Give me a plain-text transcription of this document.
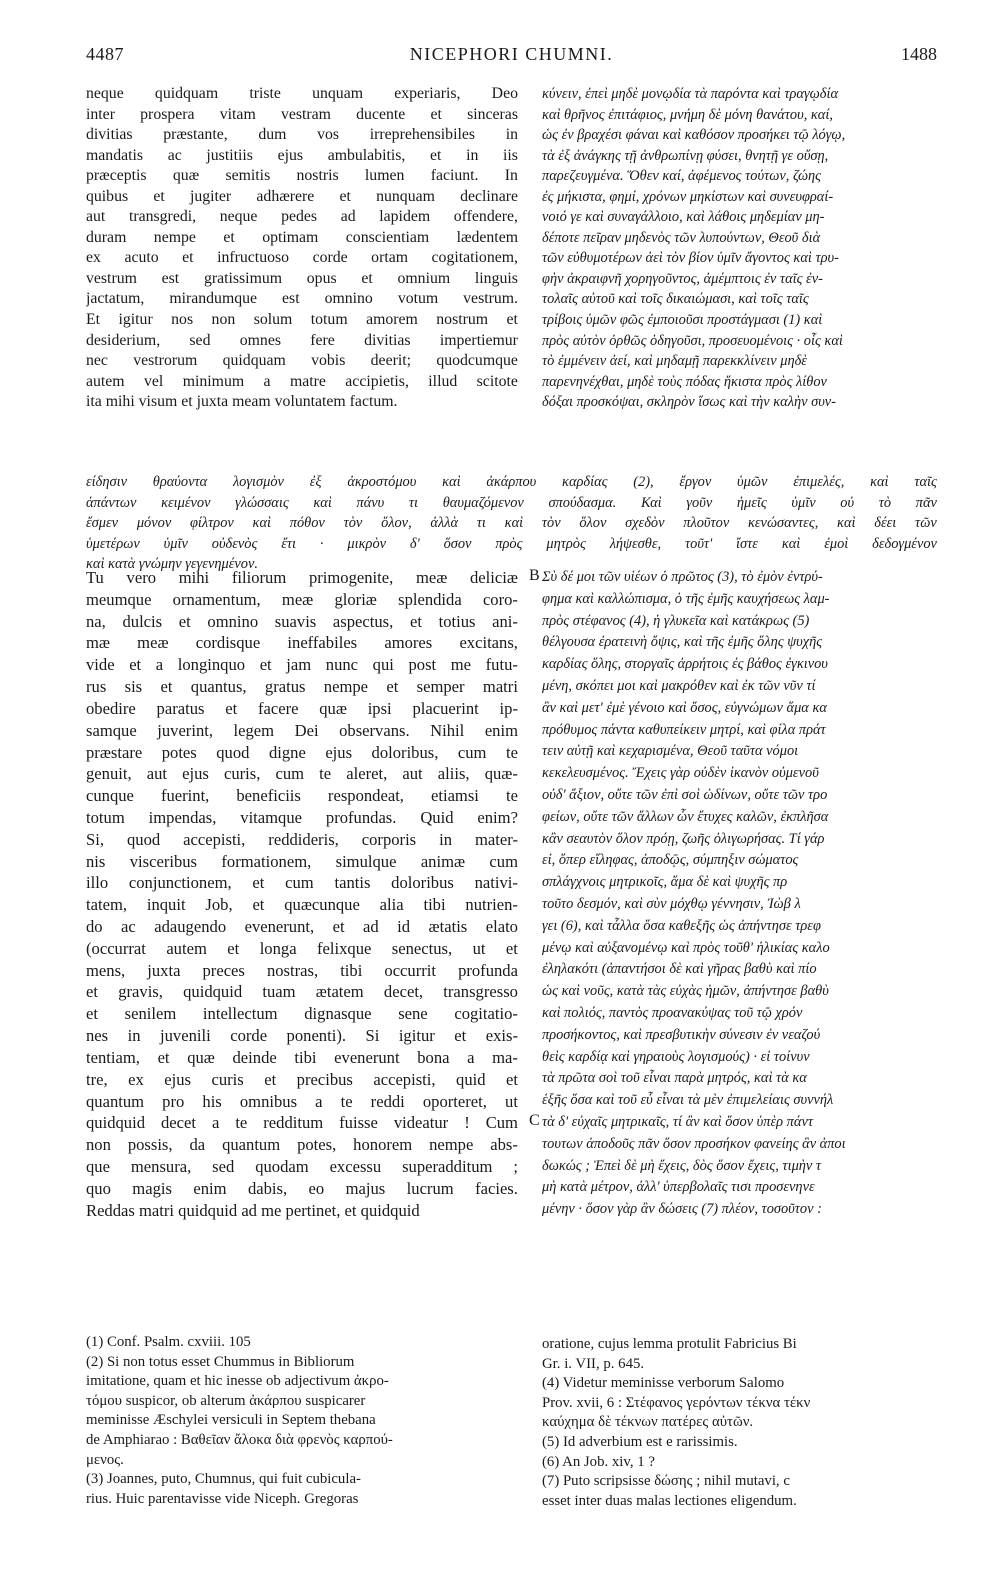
4487	NICEPHORI CHUMNI.	1488
neque quidquam triste unquam experiaris, Deo
inter prospera vitam vestram ducente et sinceras
divitias præstante, dum vos irreprehensibiles in
mandatis ac justitiis ejus ambulabitis, et in iis
præceptis quæ semitis nostris lumen faciunt. In
quibus et jugiter adhærere et nunquam declinare
aut transgredi, neque pedes ad lapidem offendere,
duram nempe et optimam conscientiam lædentem
ex acuto et infructuoso corde ortam cogitationem,
vestrum est gratissimum opus et omnium linguis
jactatum, mirandumque est omnino votum vestrum.
Et igitur nos non solum totum amorem nostrum et
desiderium, sed omnes fere divitias impertiemur
nec vestrorum quidquam vobis deerit; quodcumque
autem vel minimum a matre accipietis, illud scitote
ita mihi visum et juxta meam voluntatem factum.
κύνειν, ἐπεὶ μηδὲ μονῳδία τὰ παρόντα καὶ τραγῳδία
καὶ θρῆνος ἐπιτάφιος, μνήμη δὲ μόνη θανάτου, καί,
ὡς ἐν βραχέσι φάναι καὶ καθόσον προσήκει τῷ λόγῳ,
τὰ ἐξ ἀνάγκης τῇ ἀνθρωπίνῃ φύσει, θνητῇ γε οὔσῃ,
παρεζευγμένα. Ὅθεν καί, ἀφέμενος τούτων, ζώης
ἐς μήκιστα, φημί, χρόνων μηκίστων καὶ συνευφραί-
νοιό γε καὶ συναγάλλοιο, καὶ λάθοις μηδεμίαν μη-
δέποτε πεῖραν μηδενὸς τῶν λυπούντων, Θεοῦ διὰ
τῶν εὐθυμοτέρων ἀεὶ τὸν βίον ὑμῖν ἄγοντος καὶ τρυ-
φὴν ἀκραιφνῆ χορηγοῦντος, ἀμέμπτοις ἐν ταῖς ἐν-
τολαῖς αὐτοῦ καὶ τοῖς δικαιώμασι, καὶ τοῖς ταῖς
τρίβοις ὑμῶν φῶς ἐμποιοῦσι προστάγμασι (1) καὶ
πρὸς αὐτὸν ὀρθῶς ὁδηγοῦσι, προσευομένοις · οἷς καὶ
τὸ ἐμμένειν ἀεί, καὶ μηδαμῇ παρεκκλίνειν μηδὲ
παρενηνέχθαι, μηδὲ τοὺς πόδας ἥκιστα πρὸς λίθον
δόξαι προσκόψαι, σκληρὸν ἴσως καὶ τὴν καλὴν συν-
είδησιν θραύοντα λογισμὸν ἐξ ἀκροστόμου καὶ ἀκάρπου καρδίας (2), ἔργον ὑμῶν ἐπιμελές, καὶ ταῖς
ἁπάντων κειμένον γλώσσαις καὶ πάνυ τι θαυμαζόμενον σπούδασμα. Καὶ γοῦν ἡμεῖς ὑμῖν οὐ τὸ πᾶν
ἔσμεν μόνον φίλτρον καὶ πόθον τὸν ὅλον, ἀλλὰ τι καὶ τὸν ὅλον σχεδὸν πλοῦτον κενώσαντες, καὶ δέει τῶν
ὑμετέρων ὑμῖν οὐδενὸς ἔτι · μικρὸν δ' ὅσον πρὸς μητρὸς λήψεσθε, τοῦτ' ἴστε καὶ ἐμοὶ δεδογμένον
καὶ κατὰ γνώμην γεγενημένον.
B
C
Tu vero mihi filiorum primogenite, meæ deliciæ
meumque ornamentum, meæ gloriæ splendida coro-
na, dulcis et omnino suavis aspectus, et totius ani-
mæ meæ cordisque ineffabiles amores excitans,
vide et a longinquo et jam nunc qui post me futu-
rus sis et quantus, gratus nempe et semper matri
obedire paratus et facere quæ ipsi placuerint ip-
samque juverint, legem Dei observans. Nihil enim
præstare potes quod digne ejus doloribus, cum te
genuit, aut ejus curis, cum te aleret, aut aliis, quæ-
cunque fuerint, beneficiis respondeat, etiamsi te
totum impendas, vitamque profundas. Quid enim?
Si, quod accepisti, reddideris, corporis in mater-
nis visceribus formationem, simulque animæ cum
illo conjunctionem, et cum tantis doloribus nativi-
tatem, inquit Job, et quæcunque alia tibi nutrien-
do ac adaugendo evenerunt, et ad id ætatis elato
(occurrat autem et longa felixque senectus, ut et
mens, juxta preces nostras, tibi occurrit profunda
et gravis, quidquid tuam ætatem decet, transgresso
et senilem intellectum dignasque sene cogitatio-
nes in juvenili corde ponenti). Si igitur et exis-
tentiam, et quæ deinde tibi evenerunt bona a ma-
tre, ex ejus curis et precibus accepisti, quid et
quantum pro his omnibus a te reddi oporteret, ut
quidquid decet a te redditum fuisse videatur ! Cum
non possis, da quantum potes, honorem nempe abs-
que mensura, sed quodam excessu superadditum ;
quo magis enim dabis, eo majus lucrum facies.
Reddas matri quidquid ad me pertinet, et quidquid
Σὺ δέ μοι τῶν υἱέων ὁ πρῶτος (3), τὸ ἐμὸν ἐντρύ-
φημα καὶ καλλώπισμα, ὁ τῆς ἐμῆς καυχήσεως λαμ-
πρὸς στέφανος (4), ἡ γλυκεῖα καὶ κατάκρως (5)
θέλγουσα ἐρατεινὴ ὄψις, καὶ τῆς ἐμῆς ὅλης ψυχῆς
καρδίας ὅλης, στοργαῖς ἀρρήτοις ἐς βάθος ἐγκινου
μένη, σκόπει μοι καὶ μακρόθεν καὶ ἐκ τῶν νῦν τί
ἂν καὶ μετ' ἐμὲ γένοιο καὶ ὅσος, εὐγνώμων ἅμα κα
πρόθυμος πάντα καθυπείκειν μητρί, καὶ φίλα πράτ
τειν αὐτῇ καὶ κεχαρισμένα, Θεοῦ ταῦτα νόμοι
κεκελευσμένος. Ἔχεις γὰρ οὐδὲν ἱκανὸν οὐμενοῦ
οὐδ' ἄξιον, οὔτε τῶν ἐπὶ σοὶ ὠδίνων, οὔτε τῶν τρο
φείων, οὔτε τῶν ἄλλων ὧν ἔτυχες καλῶν, ἐκπλῆσα
κἂν σεαυτὸν ὅλον πρόῃ, ζωῆς ὀλιγωρήσας. Τί γάρ
εἰ, ὅπερ εἴληφας, ἀποδῷς, σύμπηξιν σώματος
σπλάγχνοις μητρικοῖς, ἅμα δὲ καὶ ψυχῆς πρ
τοῦτο δεσμόν, καὶ σὺν μόχθῳ γέννησιν, Ἰὼβ λ
γει (6), καὶ τἆλλα ὅσα καθεξῆς ὡς ἀπήντησε τρεφ
μένῳ καὶ αὐξανομένῳ καὶ πρὸς τοῦθ' ἡλικίας καλο
ἐληλακότι (ἀπαντήσοι δὲ καὶ γῆρας βαθὺ καὶ πίο
ὡς καὶ νοῦς, κατὰ τὰς εὐχὰς ἡμῶν, ἀπήντησε βαθὺ
καὶ πολιός, παντὸς προανακύψας τοῦ τῷ χρόν
προσήκοντος, καὶ πρεσβυτικὴν σύνεσιν ἐν νεαζού
θεὶς καρδίᾳ καὶ γηραιοὺς λογισμούς) · εἰ τοίνυν
τὰ πρῶτα σοὶ τοῦ εἶναι παρὰ μητρός, καὶ τὰ κα
ἑξῆς ὅσα καὶ τοῦ εὖ εἶναι τὰ μὲν ἐπιμελείαις συννήλ
τὰ δ' εὐχαῖς μητρικαῖς, τί ἂν καὶ ὅσον ὑπὲρ πάντ
τουτων ἀποδοῦς πᾶν ὅσον προσήκον φανείης ἂν ἀποι
δωκώς ; Ἐπεὶ δὲ μὴ ἔχεις, δὸς ὅσον ἔχεις, τιμὴν τ
μὴ κατὰ μέτρον, ἀλλ' ὑπερβολαῖς τισι προσενηνε
μένην · ὅσον γὰρ ἂν δώσεις (7) πλέον, τοσοῦτον :
(1) Conf. Psalm. cxviii. 105
(2) Si non totus esset Chummus in Bibliorum
imitatione, quam et hic inesse ob adjectivum ἀκρο-
τόμου suspicor, ob alterum ἀκάρπου suspicarer
meminisse Æschylei versiculi in Septem thebana
de Amphiarao : Βαθεῖαν ἄλοκα διὰ φρενὸς καρπού-
μενος.
(3) Joannes, puto, Chumnus, qui fuit cubicula-
rius. Huic parentavisse vide Niceph. Gregoras
oratione, cujus lemma protulit Fabricius Bi
Gr. i. VII, p. 645.
(4) Videtur meminisse verborum Salomo
Prov. xvii, 6 : Στέφανος γερόντων τέκνα τέκν
καύχημα δὲ τέκνων πατέρες αὐτῶν.
(5) Id adverbium est e rarissimis.
(6) An Job. xiv, 1 ?
(7) Puto scripsisse δώσης ; nihil mutavi, c
esset inter duas malas lectiones eligendum.
